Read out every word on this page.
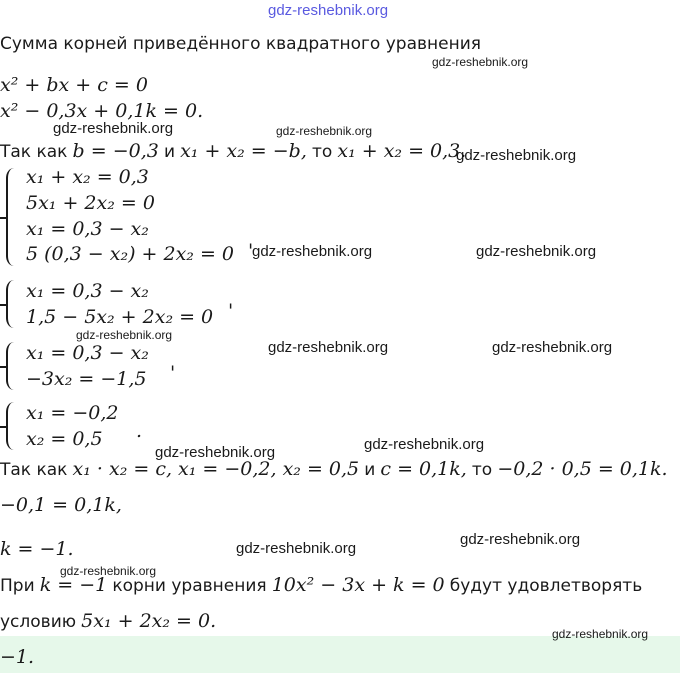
gdz-reshebnik.org
Сумма корней приведённого квадратного уравнения
gdz-reshebnik.org
x² + bx + c = 0
x² − 0,3x + 0,1k = 0.
gdz-reshebnik.org	gdz-reshebnik.org
Так как b = −0,3 и x₁ + x₂ = −b, то x₁ + x₂ = 0,3.
gdz-reshebnik.org
x₁ + x₂ = 0,3
5x₁ + 2x₂ = 0
x₁ = 0,3 − x₂
5 (0,3 − x₂) + 2x₂ = 0 '
gdz-reshebnik.org	gdz-reshebnik.org
x₁ = 0,3 − x₂
1,5 − 5x₂ + 2x₂ = 0 '
gdz-reshebnik.org
x₁ = 0,3 − x₂
−3x₂ = −1,5 '
gdz-reshebnik.org	gdz-reshebnik.org
x₁ = −0,2
x₂ = 0,5 .
gdz-reshebnik.org	gdz-reshebnik.org
Так как x₁ · x₂ = c, x₁ = −0,2, x₂ = 0,5 и c = 0,1k, то −0,2 · 0,5 = 0,1k.
−0,1 = 0,1k,
k = −1.	gdz-reshebnik.org
gdz-reshebnik.org
gdz-reshebnik.org
При k = −1 корни уравнения 10x² − 3x + k = 0 будут удовлетворять
условию 5x₁ + 2x₂ = 0.
gdz-reshebnik.org
−1.
